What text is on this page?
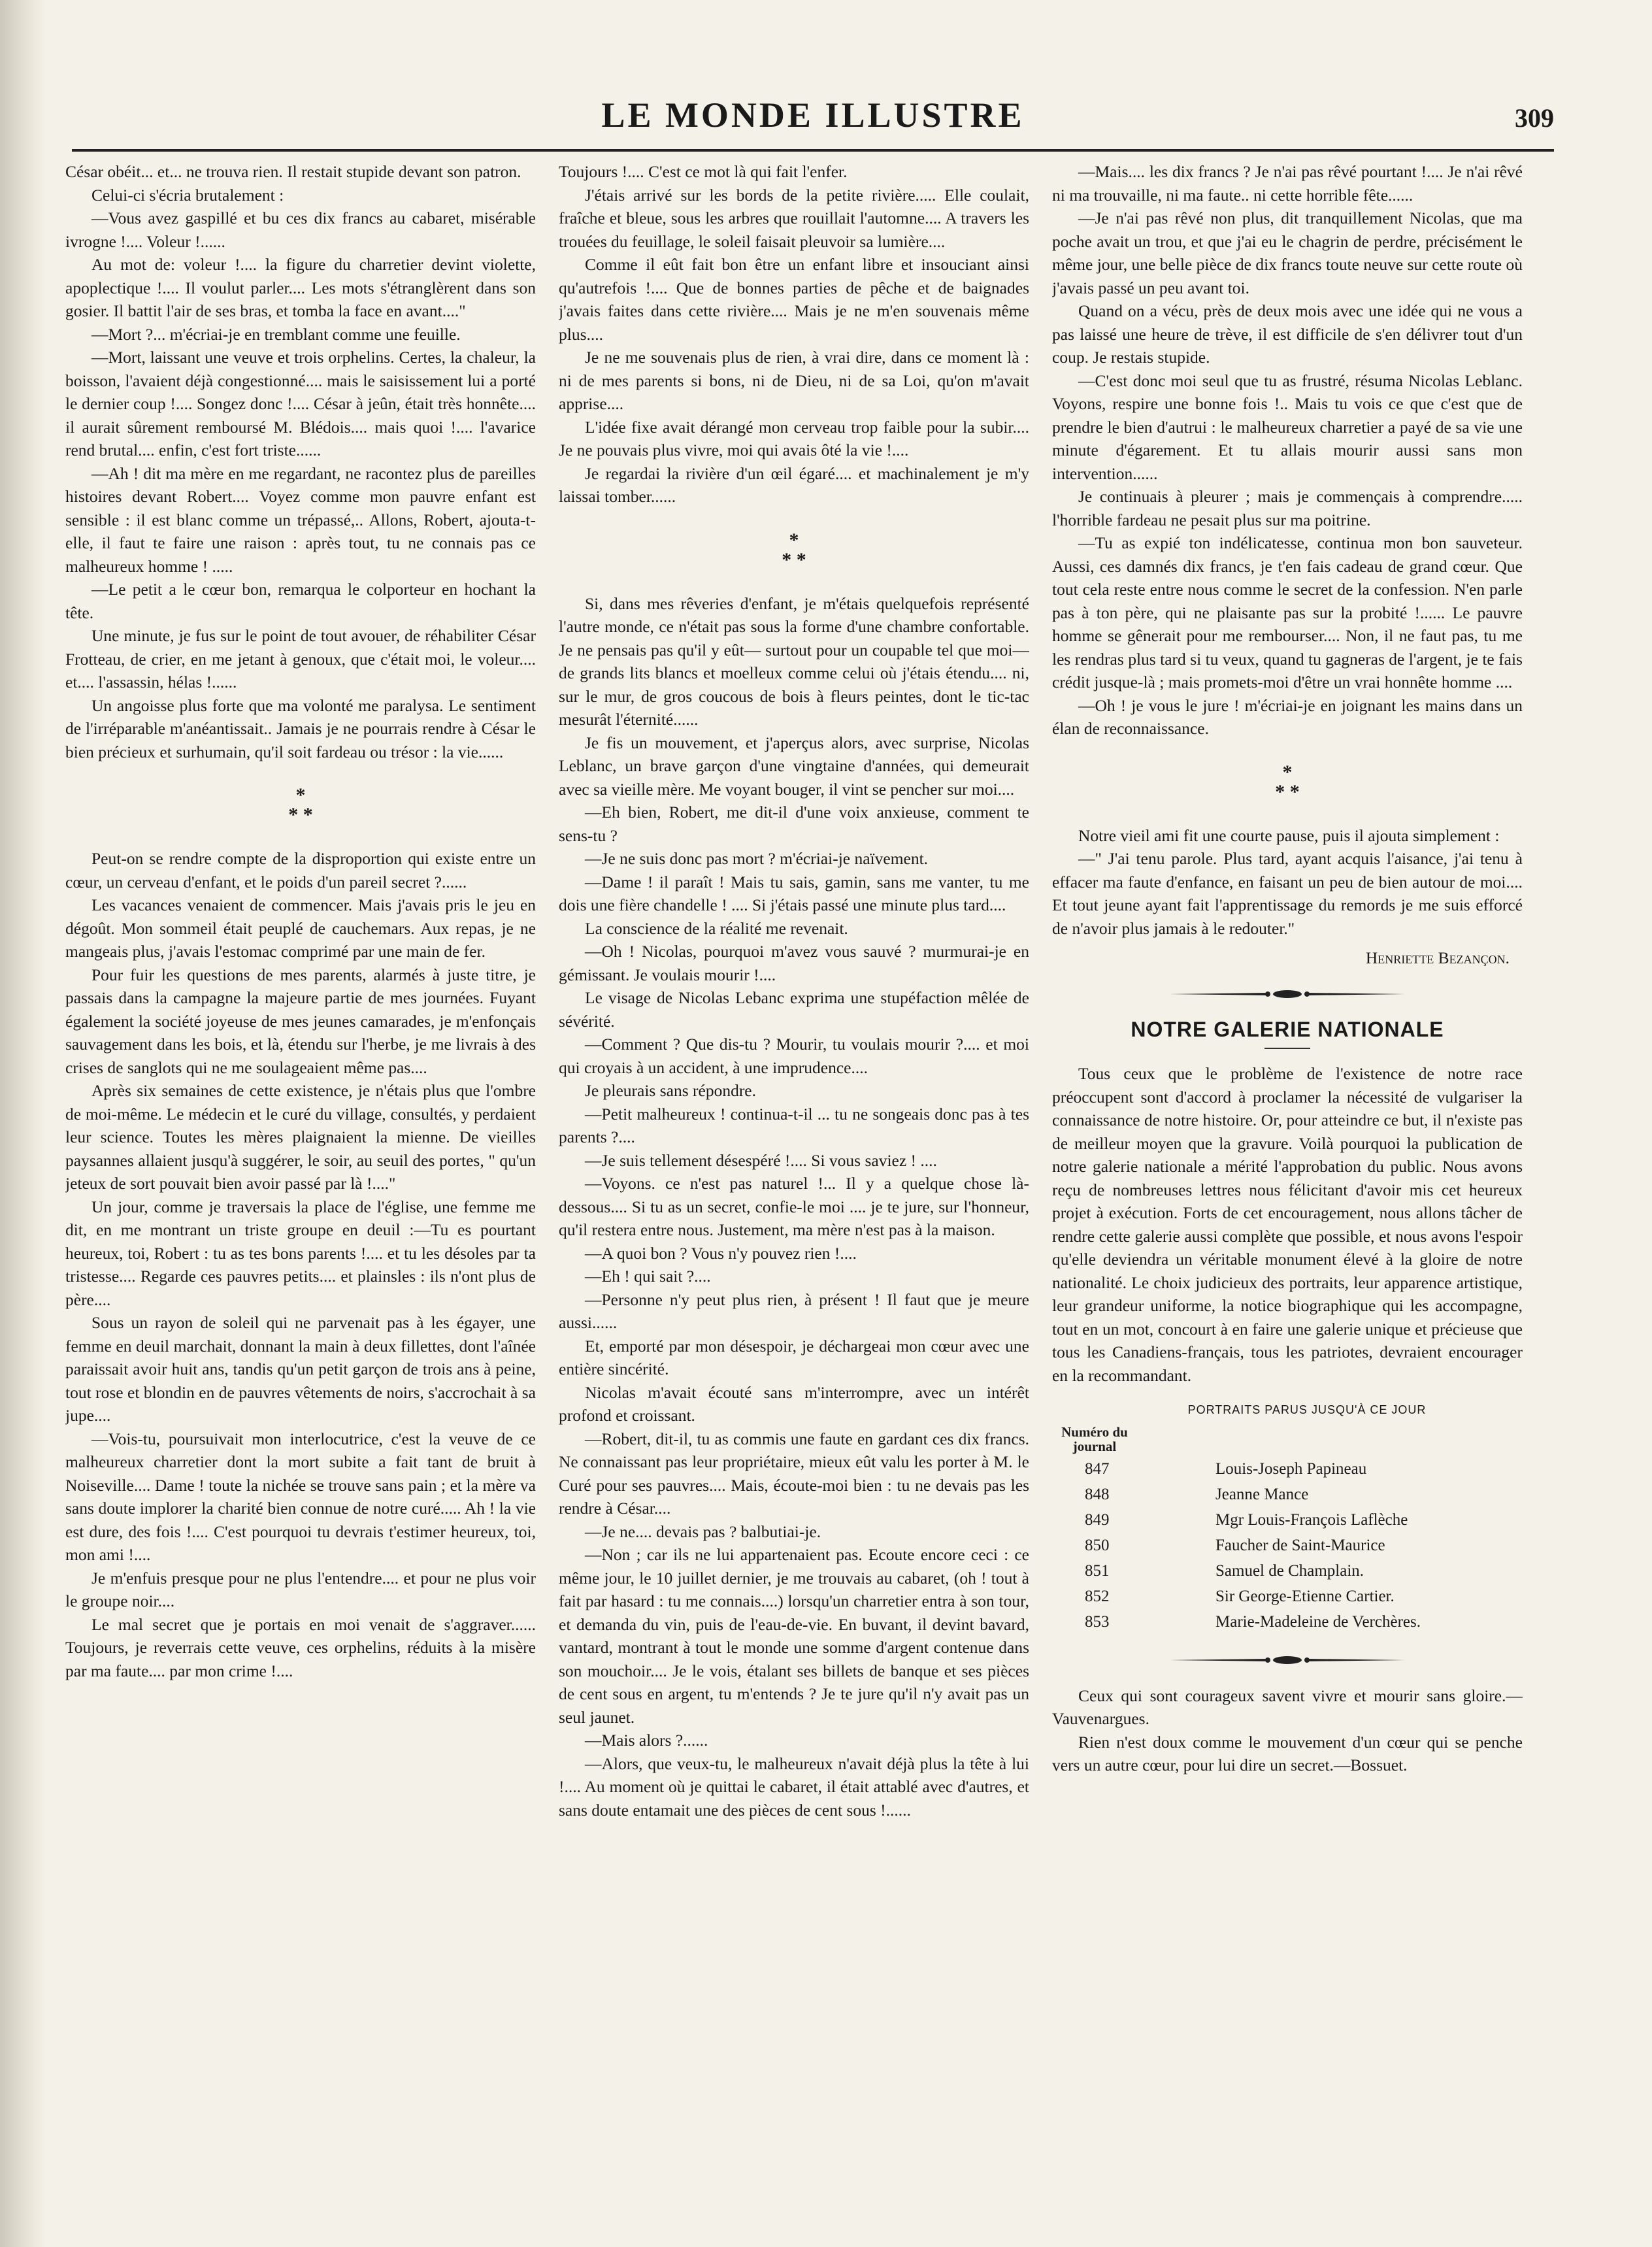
LE MONDE ILLUSTRE	309

César obéit... et... ne trouva rien. Il restait stupide devant son patron.

Celui-ci s'écria brutalement :

—Vous avez gaspillé et bu ces dix francs au cabaret, misérable ivrogne !.... Voleur !......

Au mot de: voleur !.... la figure du charretier devint violette, apoplectique !.... Il voulut parler.... Les mots s'étranglèrent dans son gosier. Il battit l'air de ses bras, et tomba la face en avant...."

—Mort ?... m'écriai-je en tremblant comme une feuille.

—Mort, laissant une veuve et trois orphelins. Certes, la chaleur, la boisson, l'avaient déjà congestionné.... mais le saisissement lui a porté le dernier coup !.... Songez donc !.... César à jeûn, était très honnête.... il aurait sûrement remboursé M. Blédois.... mais quoi !.... l'avarice rend brutal.... enfin, c'est fort triste......

—Ah ! dit ma mère en me regardant, ne racontez plus de pareilles histoires devant Robert.... Voyez comme mon pauvre enfant est sensible : il est blanc comme un trépassé,.. Allons, Robert, ajouta-t-elle, il faut te faire une raison : après tout, tu ne connais pas ce malheureux homme ! .....

—Le petit a le cœur bon, remarqua le colporteur en hochant la tête.

Une minute, je fus sur le point de tout avouer, de réhabiliter César Frotteau, de crier, en me jetant à genoux, que c'était moi, le voleur.... et.... l'assassin, hélas !......

Un angoisse plus forte que ma volonté me paralysa. Le sentiment de l'irréparable m'anéantissait.. Jamais je ne pourrais rendre à César le bien précieux et surhumain, qu'il soit fardeau ou trésor : la vie......

*
* *

Peut-on se rendre compte de la disproportion qui existe entre un cœur, un cerveau d'enfant, et le poids d'un pareil secret ?......

Les vacances venaient de commencer. Mais j'avais pris le jeu en dégoût. Mon sommeil était peuplé de cauchemars. Aux repas, je ne mangeais plus, j'avais l'estomac comprimé par une main de fer.

Pour fuir les questions de mes parents, alarmés à juste titre, je passais dans la campagne la majeure partie de mes journées. Fuyant également la société joyeuse de mes jeunes camarades, je m'enfonçais sauvagement dans les bois, et là, étendu sur l'herbe, je me livrais à des crises de sanglots qui ne me soulageaient même pas....

Après six semaines de cette existence, je n'étais plus que l'ombre de moi-même. Le médecin et le curé du village, consultés, y perdaient leur science. Toutes les mères plaignaient la mienne. De vieilles paysannes allaient jusqu'à suggérer, le soir, au seuil des portes, " qu'un jeteux de sort pouvait bien avoir passé par là !...."

Un jour, comme je traversais la place de l'église, une femme me dit, en me montrant un triste groupe en deuil :—Tu es pourtant heureux, toi, Robert : tu as tes bons parents !.... et tu les désoles par ta tristesse.... Regarde ces pauvres petits.... et plainsles : ils n'ont plus de père....

Sous un rayon de soleil qui ne parvenait pas à les égayer, une femme en deuil marchait, donnant la main à deux fillettes, dont l'aînée paraissait avoir huit ans, tandis qu'un petit garçon de trois ans à peine, tout rose et blondin en de pauvres vêtements de noirs, s'accrochait à sa jupe....

—Vois-tu, poursuivait mon interlocutrice, c'est la veuve de ce malheureux charretier dont la mort subite a fait tant de bruit à Noiseville.... Dame ! toute la nichée se trouve sans pain ; et la mère va sans doute implorer la charité bien connue de notre curé..... Ah ! la vie est dure, des fois !.... C'est pourquoi tu devrais t'estimer heureux, toi, mon ami !....

Je m'enfuis presque pour ne plus l'entendre.... et pour ne plus voir le groupe noir....

Le mal secret que je portais en moi venait de s'aggraver...... Toujours, je reverrais cette veuve, ces orphelins, réduits à la misère par ma faute.... par mon crime !....

Toujours !.... C'est ce mot là qui fait l'enfer.

J'étais arrivé sur les bords de la petite rivière..... Elle coulait, fraîche et bleue, sous les arbres que rouillait l'automne.... A travers les trouées du feuillage, le soleil faisait pleuvoir sa lumière....

Comme il eût fait bon être un enfant libre et insouciant ainsi qu'autrefois !.... Que de bonnes parties de pêche et de baignades j'avais faites dans cette rivière.... Mais je ne m'en souvenais même plus....

Je ne me souvenais plus de rien, à vrai dire, dans ce moment là : ni de mes parents si bons, ni de Dieu, ni de sa Loi, qu'on m'avait apprise....

L'idée fixe avait dérangé mon cerveau trop faible pour la subir.... Je ne pouvais plus vivre, moi qui avais ôté la vie !....

Je regardai la rivière d'un œil égaré.... et machinalement je m'y laissai tomber......

*
* *

Si, dans mes rêveries d'enfant, je m'étais quelquefois représenté l'autre monde, ce n'était pas sous la forme d'une chambre confortable. Je ne pensais pas qu'il y eût— surtout pour un coupable tel que moi— de grands lits blancs et moelleux comme celui où j'étais étendu.... ni, sur le mur, de gros coucous de bois à fleurs peintes, dont le tic-tac mesurât l'éternité......

Je fis un mouvement, et j'aperçus alors, avec surprise, Nicolas Leblanc, un brave garçon d'une vingtaine d'années, qui demeurait avec sa vieille mère. Me voyant bouger, il vint se pencher sur moi....

—Eh bien, Robert, me dit-il d'une voix anxieuse, comment te sens-tu ?

—Je ne suis donc pas mort ? m'écriai-je naïvement.

—Dame ! il paraît ! Mais tu sais, gamin, sans me vanter, tu me dois une fière chandelle ! .... Si j'étais passé une minute plus tard....

La conscience de la réalité me revenait.

—Oh ! Nicolas, pourquoi m'avez vous sauvé ? murmurai-je en gémissant. Je voulais mourir !....

Le visage de Nicolas Lebanc exprima une stupéfaction mêlée de sévérité.

—Comment ? Que dis-tu ? Mourir, tu voulais mourir ?.... et moi qui croyais à un accident, à une imprudence....

Je pleurais sans répondre.

—Petit malheureux ! continua-t-il ... tu ne songeais donc pas à tes parents ?....

—Je suis tellement désespéré !.... Si vous saviez ! ....

—Voyons. ce n'est pas naturel !... Il y a quelque chose là-dessous.... Si tu as un secret, confie-le moi .... je te jure, sur l'honneur, qu'il restera entre nous. Justement, ma mère n'est pas à la maison.

—A quoi bon ? Vous n'y pouvez rien !....

—Eh ! qui sait ?....

—Personne n'y peut plus rien, à présent ! Il faut que je meure aussi......

Et, emporté par mon désespoir, je déchargeai mon cœur avec une entière sincérité.

Nicolas m'avait écouté sans m'interrompre, avec un intérêt profond et croissant.

—Robert, dit-il, tu as commis une faute en gardant ces dix francs. Ne connaissant pas leur propriétaire, mieux eût valu les porter à M. le Curé pour ses pauvres.... Mais, écoute-moi bien : tu ne devais pas les rendre à César....

—Je ne.... devais pas ? balbutiai-je.

—Non ; car ils ne lui appartenaient pas. Ecoute encore ceci : ce même jour, le 10 juillet dernier, je me trouvais au cabaret, (oh ! tout à fait par hasard : tu me connais....) lorsqu'un charretier entra à son tour, et demanda du vin, puis de l'eau-de-vie. En buvant, il devint bavard, vantard, montrant à tout le monde une somme d'argent contenue dans son mouchoir.... Je le vois, étalant ses billets de banque et ses pièces de cent sous en argent, tu m'entends ? Je te jure qu'il n'y avait pas un seul jaunet.

—Mais alors ?......

—Alors, que veux-tu, le malheureux n'avait déjà plus la tête à lui !.... Au moment où je quittai le cabaret, il était attablé avec d'autres, et sans doute entamait une des pièces de cent sous !......

—Mais.... les dix francs ? Je n'ai pas rêvé pourtant !.... Je n'ai rêvé ni ma trouvaille, ni ma faute.. ni cette horrible fête......

—Je n'ai pas rêvé non plus, dit tranquillement Nicolas, que ma poche avait un trou, et que j'ai eu le chagrin de perdre, précisément le même jour, une belle pièce de dix francs toute neuve sur cette route où j'avais passé un peu avant toi.

Quand on a vécu, près de deux mois avec une idée qui ne vous a pas laissé une heure de trève, il est difficile de s'en délivrer tout d'un coup. Je restais stupide.

—C'est donc moi seul que tu as frustré, résuma Nicolas Leblanc. Voyons, respire une bonne fois !.. Mais tu vois ce que c'est que de prendre le bien d'autrui : le malheureux charretier a payé de sa vie une minute d'égarement. Et tu allais mourir aussi sans mon intervention......

Je continuais à pleurer ; mais je commençais à comprendre..... l'horrible fardeau ne pesait plus sur ma poitrine.

—Tu as expié ton indélicatesse, continua mon bon sauveteur. Aussi, ces damnés dix francs, je t'en fais cadeau de grand cœur. Que tout cela reste entre nous comme le secret de la confession. N'en parle pas à ton père, qui ne plaisante pas sur la probité !...... Le pauvre homme se gênerait pour me rembourser.... Non, il ne faut pas, tu me les rendras plus tard si tu veux, quand tu gagneras de l'argent, je te fais crédit jusque-là ; mais promets-moi d'être un vrai honnête homme ....

—Oh ! je vous le jure ! m'écriai-je en joignant les mains dans un élan de reconnaissance.

*
* *

Notre vieil ami fit une courte pause, puis il ajouta simplement :

—" J'ai tenu parole. Plus tard, ayant acquis l'aisance, j'ai tenu à effacer ma faute d'enfance, en faisant un peu de bien autour de moi.... Et tout jeune ayant fait l'apprentissage du remords je me suis efforcé de n'avoir plus jamais à le redouter."

Henriette Bezançon.
NOTRE GALERIE NATIONALE

Tous ceux que le problème de l'existence de notre race préoccupent sont d'accord à proclamer la nécessité de vulgariser la connaissance de notre histoire. Or, pour atteindre ce but, il n'existe pas de meilleur moyen que la gravure. Voilà pourquoi la publication de notre galerie nationale a mérité l'approbation du public. Nous avons reçu de nombreuses lettres nous félicitant d'avoir mis cet heureux projet à exécution. Forts de cet encouragement, nous allons tâcher de rendre cette galerie aussi complète que possible, et nous avons l'espoir qu'elle deviendra un véritable monument élevé à la gloire de notre nationalité. Le choix judicieux des portraits, leur apparence artistique, leur grandeur uniforme, la notice biographique qui les accompagne, tout en un mot, concourt à en faire une galerie unique et précieuse que tous les Canadiens-français, tous les patriotes, devraient encourager en la recommandant.

PORTRAITS PARUS JUSQU'À CE JOUR
Numéro du
journal
847	Louis-Joseph Papineau
848	Jeanne Mance
849	Mgr Louis-François Laflèche
850	Faucher de Saint-Maurice
851	Samuel de Champlain.
852	Sir George-Etienne Cartier.
853	Marie-Madeleine de Verchères.

Ceux qui sont courageux savent vivre et mourir sans gloire.—Vauvenargues.

Rien n'est doux comme le mouvement d'un cœur qui se penche vers un autre cœur, pour lui dire un secret.—Bossuet.
